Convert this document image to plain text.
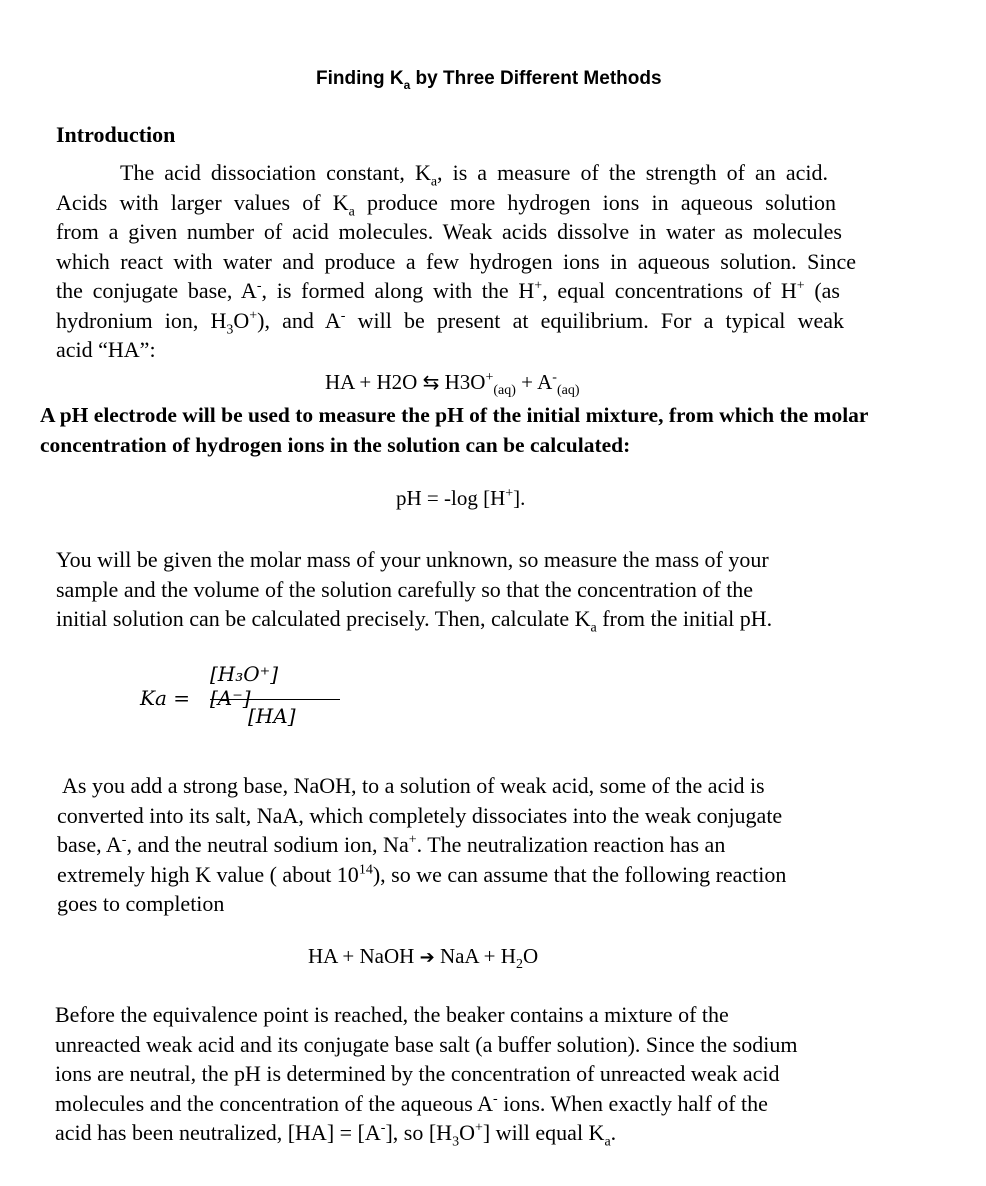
Finding $K_a$ by Three Different Methods
Introduction
The acid dissociation constant, $K_a$, is a measure of the strength of an acid.
Acids with larger values of $K_a$ produce more hydrogen ions in aqueous solution
from a given number of acid molecules. Weak acids dissolve in water as molecules
which react with water and produce a few hydrogen ions in aqueous solution. Since
the conjugate base, A-, is formed along with the H+, equal concentrations of H+ (as
hydronium ion, $H_3O^+$), and A- will be present at equilibrium. For a typical weak
acid “HA”:
HA + H2O ⇆ $H3O^+_{(aq)} + A^-_{(aq)}$
A pH electrode will be used to measure the pH of the initial mixture, from which the molar
concentration of hydrogen ions in the solution can be calculated:
pH = -log [H+].
You will be given the molar mass of your unknown, so measure the mass of your
sample and the volume of the solution carefully so that the concentration of the
initial solution can be calculated precisely. Then, calculate $K_a$ from the initial pH.
Ka =
[H₃O⁺][A⁻]
[HA]
As you add a strong base, NaOH, to a solution of weak acid, some of the acid is
converted into its salt, NaA, which completely dissociates into the weak conjugate
base, A-, and the neutral sodium ion, Na+. The neutralization reaction has an
extremely high K value ( about $10^{14}$), so we can assume that the following reaction
goes to completion
HA + NaOH ➔ NaA + $H_2O$
Before the equivalence point is reached, the beaker contains a mixture of the
unreacted weak acid and its conjugate base salt (a buffer solution). Since the sodium
ions are neutral, the pH is determined by the concentration of unreacted weak acid
molecules and the concentration of the aqueous A- ions. When exactly half of the
acid has been neutralized, [HA] = [A-], so $[H_3O^+]$ will equal $K_a$.
